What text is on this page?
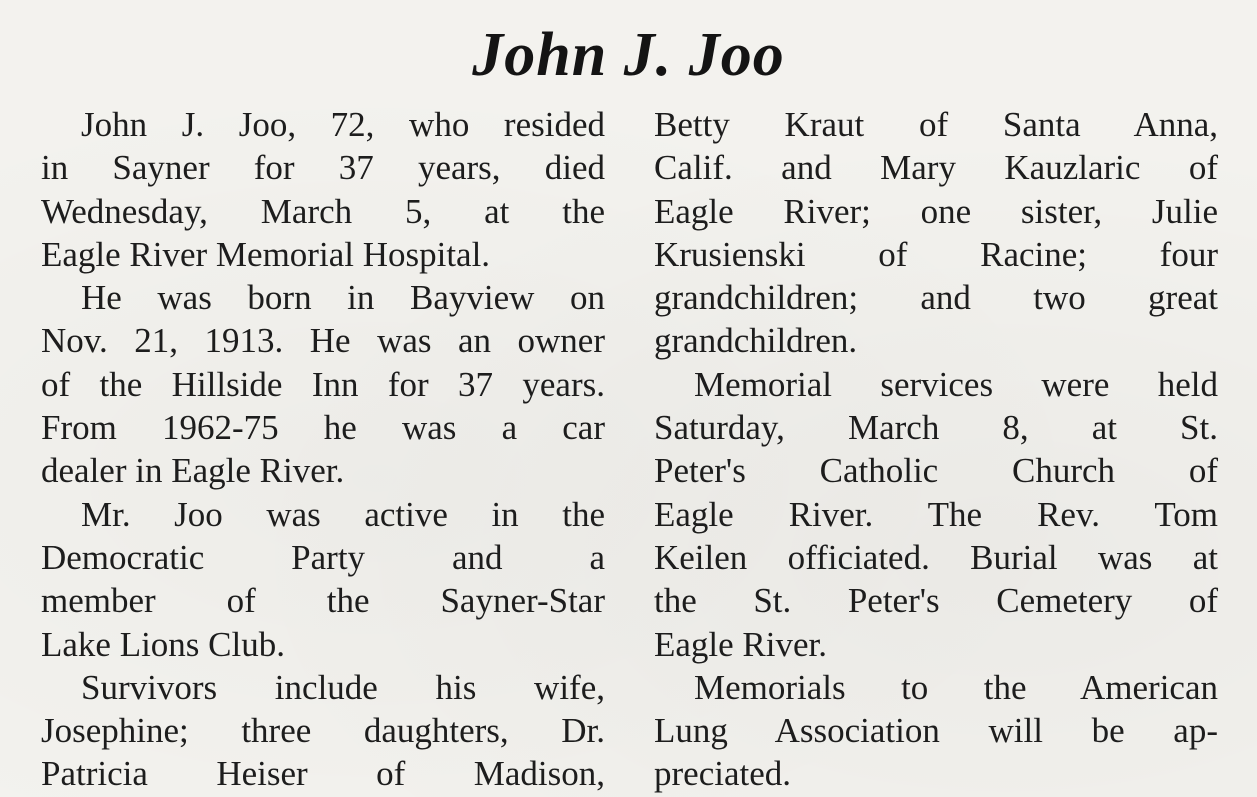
John J. Joo
John J. Joo, 72, who resided
in Sayner for 37 years, died
Wednesday, March 5, at the
Eagle River Memorial Hospital.
He was born in Bayview on
Nov. 21, 1913. He was an owner
of the Hillside Inn for 37 years.
From 1962-75 he was a car
dealer in Eagle River.
Mr. Joo was active in the
Democratic Party and a
member of the Sayner-Star
Lake Lions Club.
Survivors include his wife,
Josephine; three daughters, Dr.
Patricia Heiser of Madison,
Betty Kraut of Santa Anna,
Calif. and Mary Kauzlaric of
Eagle River; one sister, Julie
Krusienski of Racine; four
grandchildren; and two great
grandchildren.
Memorial services were held
Saturday, March 8, at St.
Peter's Catholic Church of
Eagle River. The Rev. Tom
Keilen officiated. Burial was at
the St. Peter's Cemetery of
Eagle River.
Memorials to the American
Lung Association will be ap-
preciated.
